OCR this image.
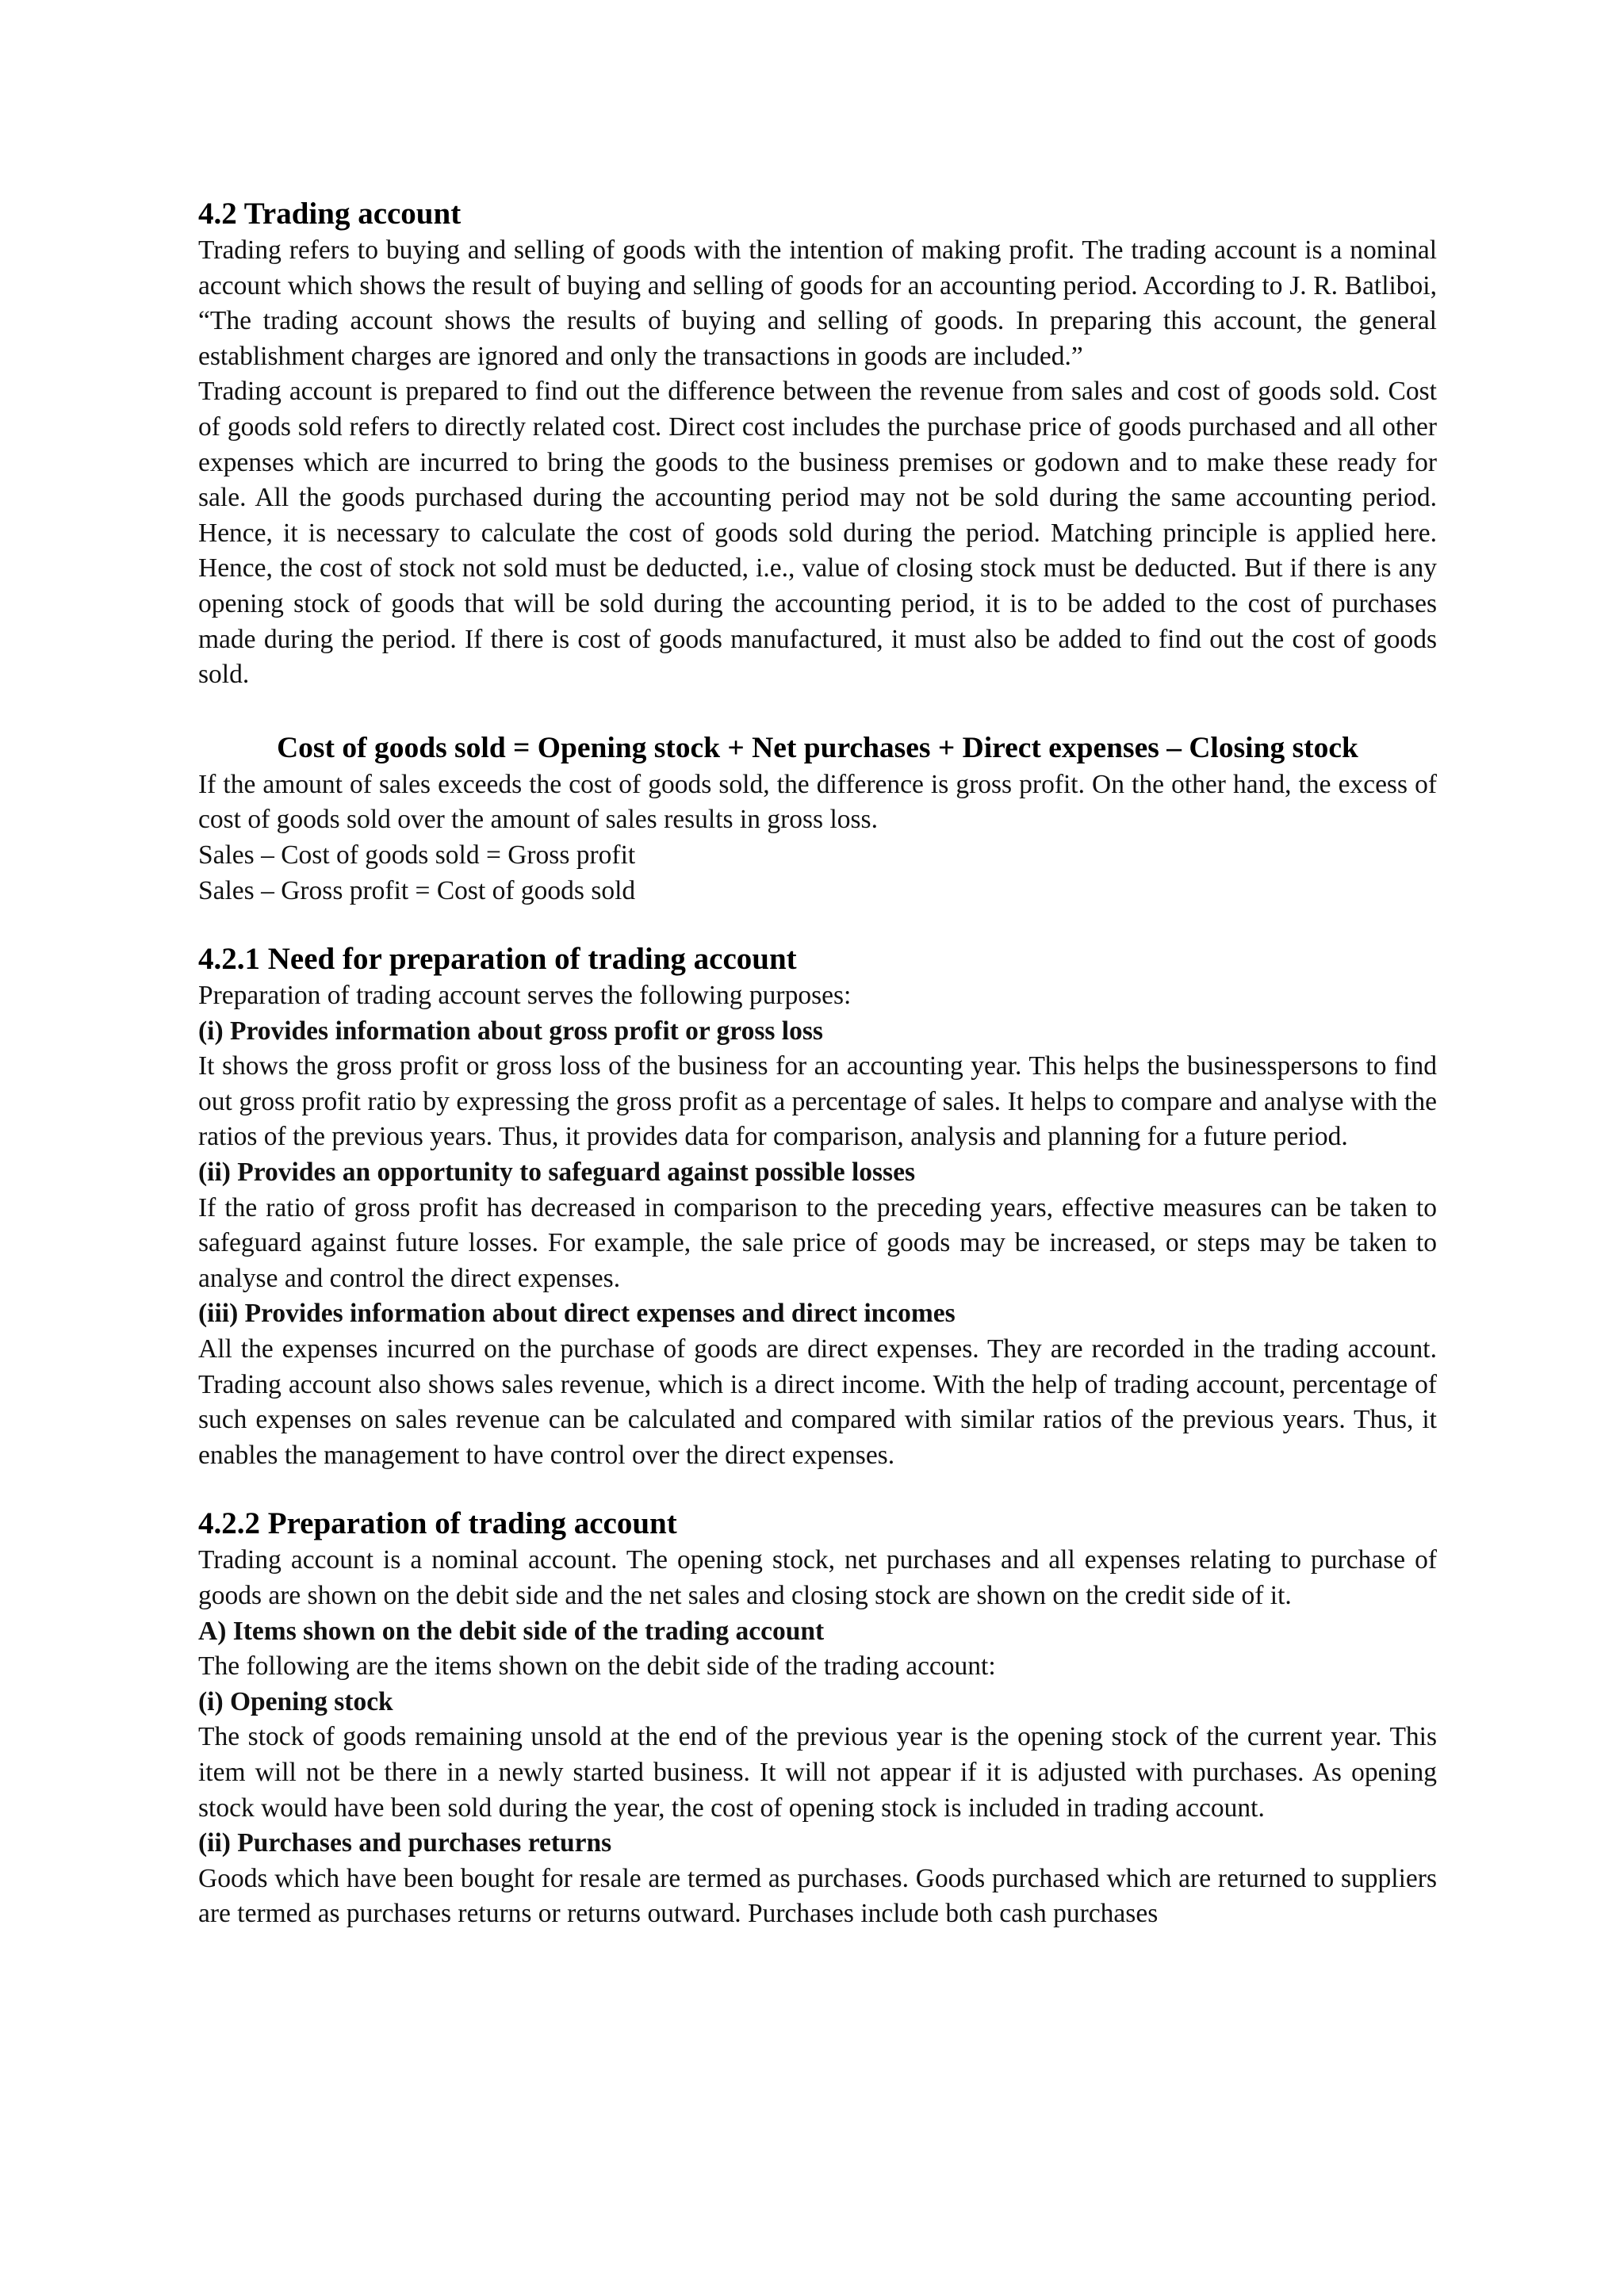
4.2 Trading account

Trading refers to buying and selling of goods with the intention of making profit. The trading account is a nominal account which shows the result of buying and selling of goods for an accounting period. According to J. R. Batliboi, “The trading account shows the results of buying and selling of goods. In preparing this account, the general establishment charges are ignored and only the transactions in goods are included.”

Trading account is prepared to find out the difference between the revenue from sales and cost of goods sold. Cost of goods sold refers to directly related cost. Direct cost includes the purchase price of goods purchased and all other expenses which are incurred to bring the goods to the business premises or godown and to make these ready for sale. All the goods purchased during the accounting period may not be sold during the same accounting period. Hence, it is necessary to calculate the cost of goods sold during the period. Matching principle is applied here. Hence, the cost of stock not sold must be deducted, i.e., value of closing stock must be deducted. But if there is any opening stock of goods that will be sold during the accounting period, it is to be added to the cost of purchases made during the period. If there is cost of goods manufactured, it must also be added to find out the cost of goods sold.

Cost of goods sold = Opening stock + Net purchases + Direct expenses – Closing stock

If the amount of sales exceeds the cost of goods sold, the difference is gross profit. On the other hand, the excess of cost of goods sold over the amount of sales results in gross loss.

Sales – Cost of goods sold = Gross profit
Sales – Gross profit = Cost of goods sold
4.2.1 Need for preparation of trading account
Preparation of trading account serves the following purposes:
(i) Provides information about gross profit or gross loss

It shows the gross profit or gross loss of the business for an accounting year. This helps the businesspersons to find out gross profit ratio by expressing the gross profit as a percentage of sales. It helps to compare and analyse with the ratios of the previous years. Thus, it provides data for comparison, analysis and planning for a future period.

(ii) Provides an opportunity to safeguard against possible losses

If the ratio of gross profit has decreased in comparison to the preceding years, effective measures can be taken to safeguard against future losses. For example, the sale price of goods may be increased, or steps may be taken to analyse and control the direct expenses.

(iii) Provides information about direct expenses and direct incomes

All the expenses incurred on the purchase of goods are direct expenses. They are recorded in the trading account. Trading account also shows sales revenue, which is a direct income. With the help of trading account, percentage of such expenses on sales revenue can be calculated and compared with similar ratios of the previous years. Thus, it enables the management to have control over the direct expenses.

4.2.2 Preparation of trading account

Trading account is a nominal account. The opening stock, net purchases and all expenses relating to purchase of goods are shown on the debit side and the net sales and closing stock are shown on the credit side of it.

A) Items shown on the debit side of the trading account
The following are the items shown on the debit side of the trading account:
(i) Opening stock

The stock of goods remaining unsold at the end of the previous year is the opening stock of the current year. This item will not be there in a newly started business. It will not appear if it is adjusted with purchases. As opening stock would have been sold during the year, the cost of opening stock is included in trading account.

(ii) Purchases and purchases returns

Goods which have been bought for resale are termed as purchases. Goods purchased which are returned to suppliers are termed as purchases returns or returns outward. Purchases include both cash purchases
